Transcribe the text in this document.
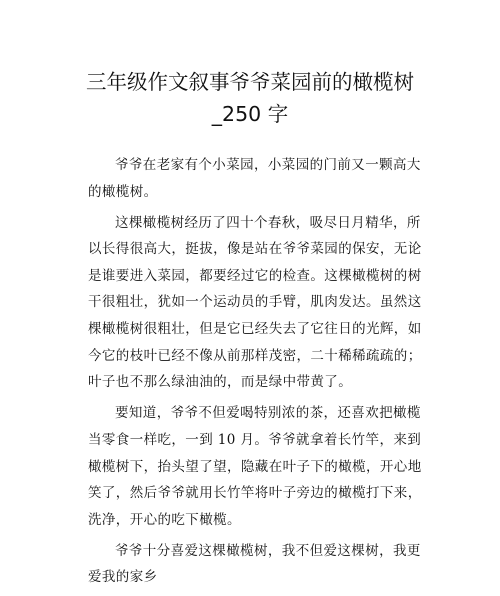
三年级作文叙事爷爷菜园前的橄榄树
_250 字
爷爷在老家有个小菜园，小菜园的门前又一颗高大
的橄榄树。
这棵橄榄树经历了四十个春秋，吸尽日月精华，所
以长得很高大，挺拔，像是站在爷爷菜园的保安，无论
是谁要进入菜园，都要经过它的检查。这棵橄榄树的树
干很粗壮，犹如一个运动员的手臂，肌肉发达。虽然这
棵橄榄树很粗壮，但是它已经失去了它往日的光辉，如
今它的枝叶已经不像从前那样茂密，二十稀稀疏疏的；
叶子也不那么绿油油的，而是绿中带黄了。
要知道，爷爷不但爱喝特别浓的茶，还喜欢把橄榄
当零食一样吃，一到 10 月。爷爷就拿着长竹竿，来到
橄榄树下，抬头望了望，隐藏在叶子下的橄榄，开心地
笑了，然后爷爷就用长竹竿将叶子旁边的橄榄打下来，
洗净，开心的吃下橄榄。
爷爷十分喜爱这棵橄榄树，我不但爱这棵树，我更
爱我的家乡
